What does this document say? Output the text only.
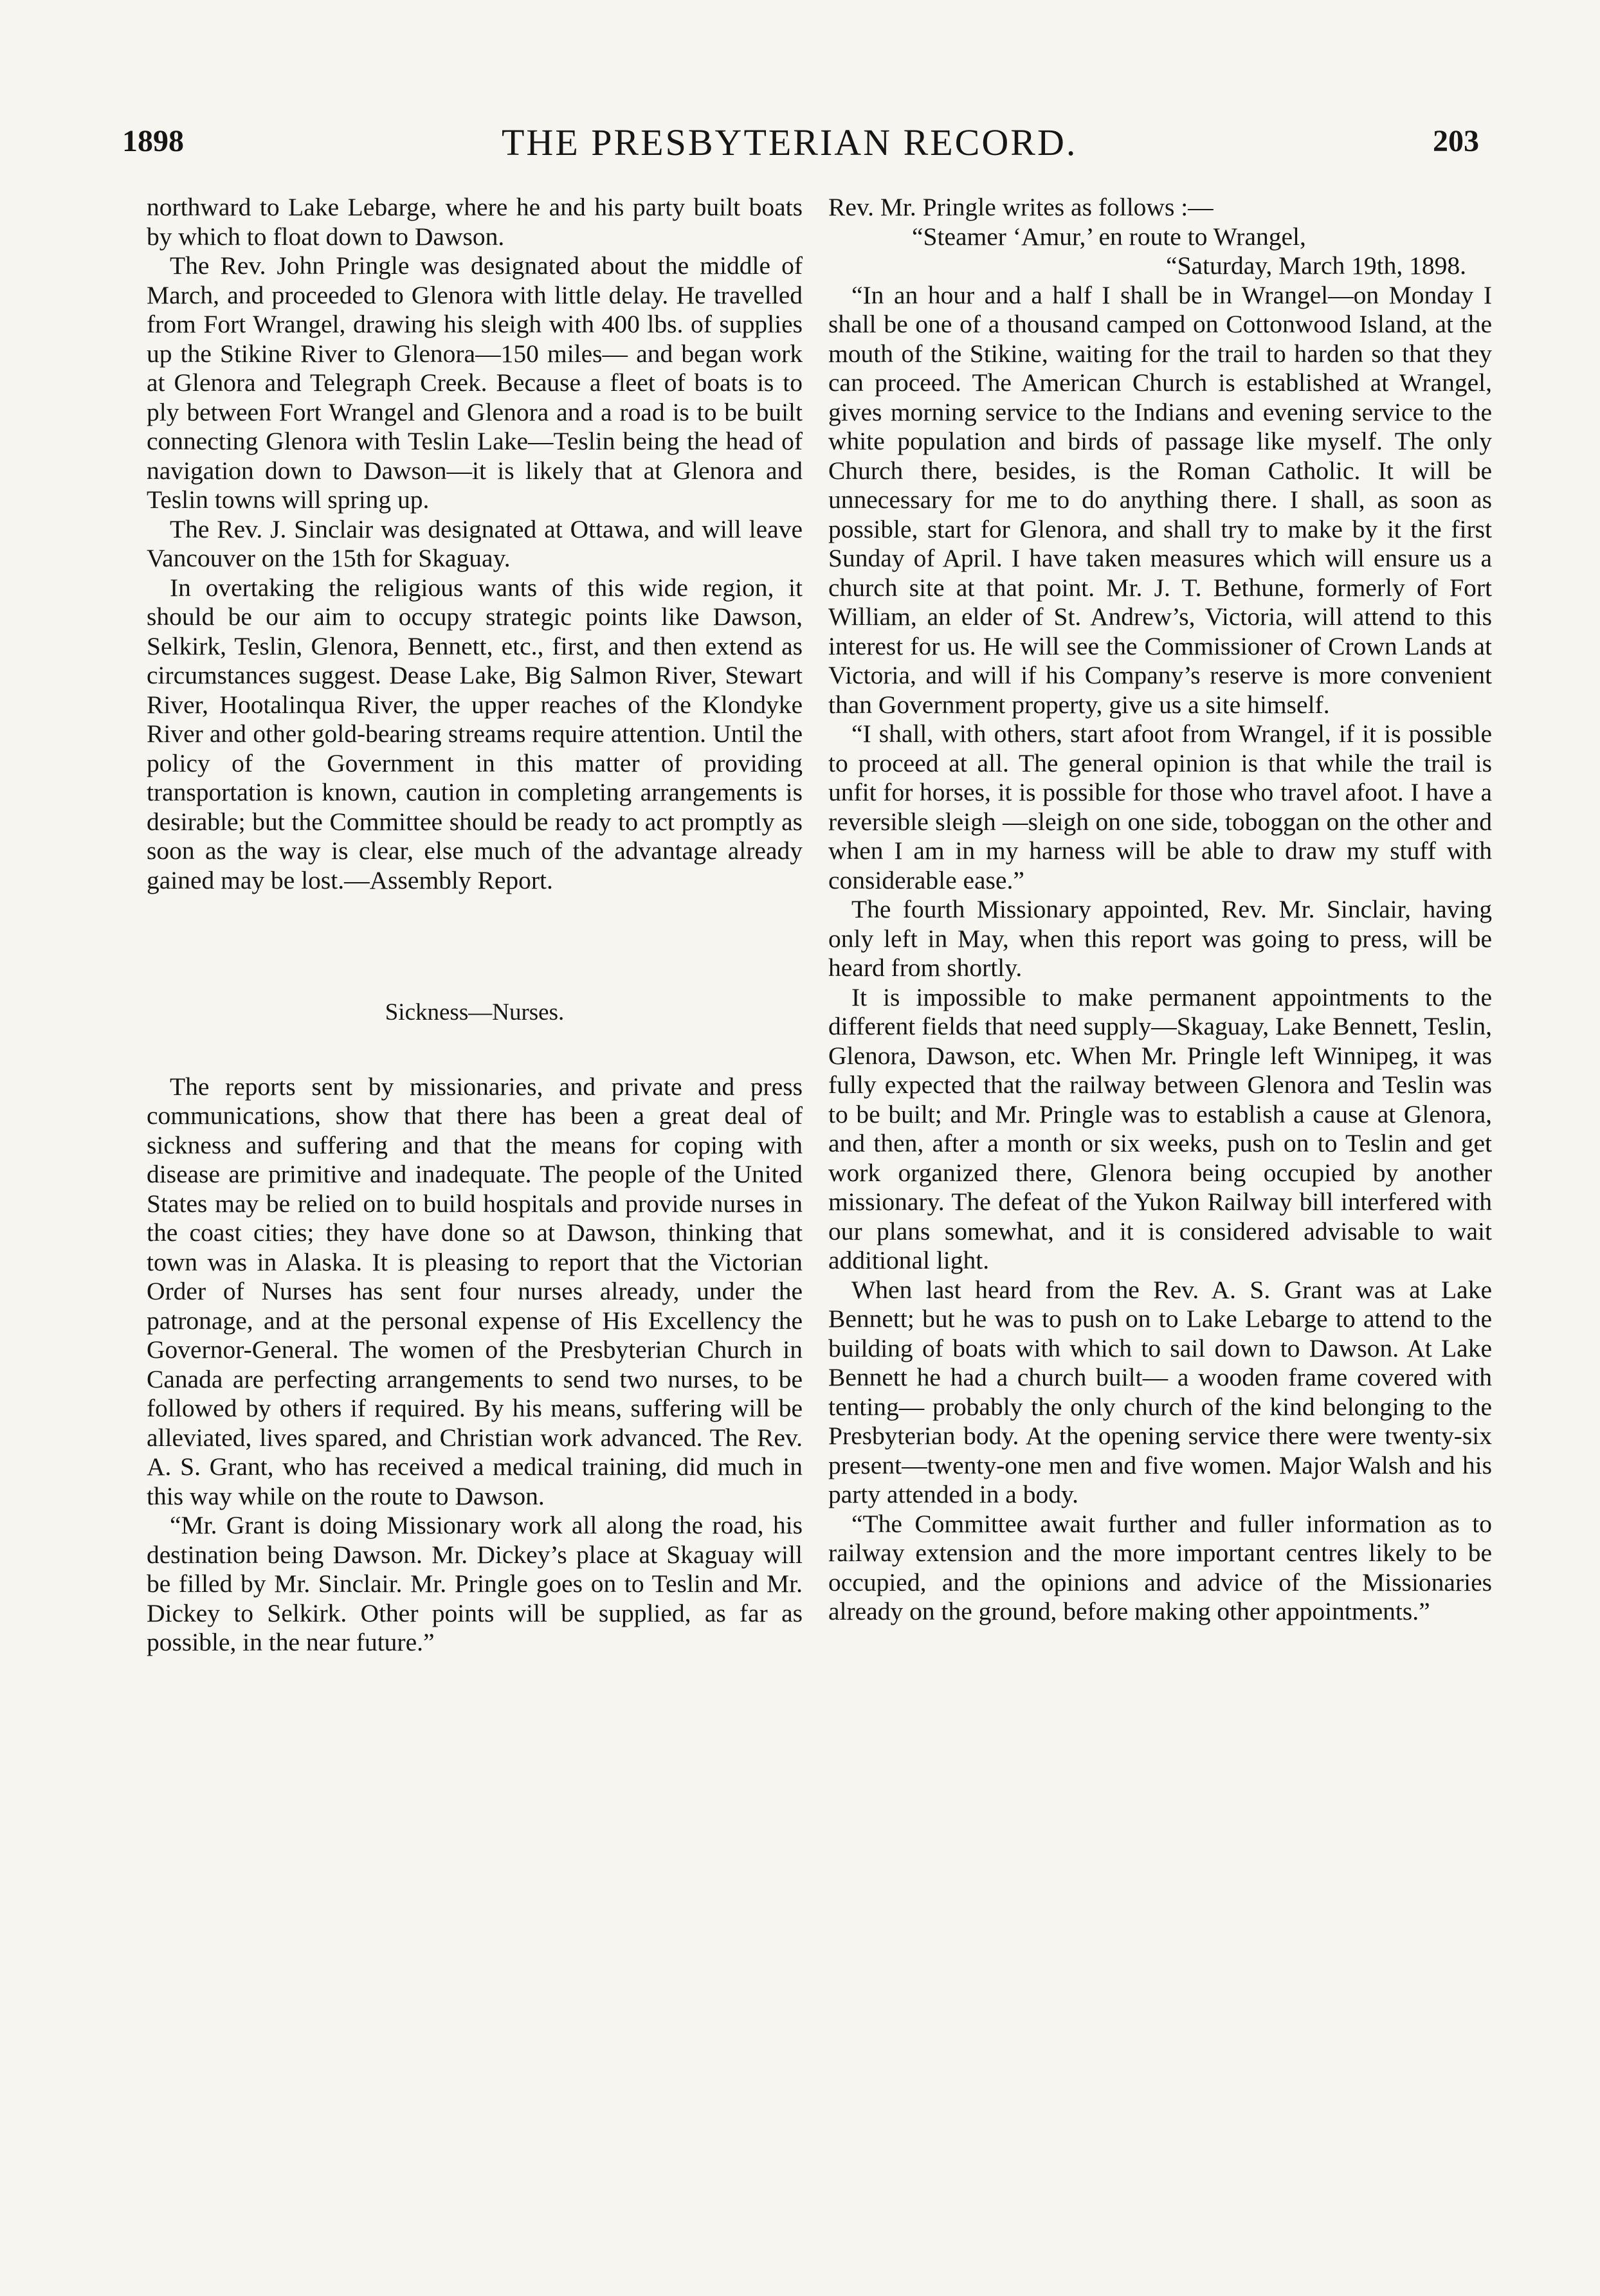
1898	THE PRESBYTERIAN RECORD.	203

northward to Lake Lebarge, where he and his party built boats by which to float down to Dawson.

The Rev. John Pringle was designated about the middle of March, and proceeded to Glenora with little delay. He travelled from Fort Wrangel, drawing his sleigh with 400 lbs. of supplies up the Stikine River to Glenora—150 miles— and began work at Glenora and Telegraph Creek. Because a fleet of boats is to ply between Fort Wrangel and Glenora and a road is to be built connecting Glenora with Teslin Lake—Teslin being the head of navigation down to Dawson—it is likely that at Glenora and Teslin towns will spring up.

The Rev. J. Sinclair was designated at Ottawa, and will leave Vancouver on the 15th for Skaguay.

In overtaking the religious wants of this wide region, it should be our aim to occupy strategic points like Dawson, Selkirk, Teslin, Glenora, Bennett, etc., first, and then extend as circumstances suggest. Dease Lake, Big Salmon River, Stewart River, Hootalinqua River, the upper reaches of the Klondyke River and other gold-bearing streams require attention. Until the policy of the Government in this matter of providing transportation is known, caution in completing arrangements is desirable; but the Committee should be ready to act promptly as soon as the way is clear, else much of the advantage already gained may be lost.—Assembly Report.

Sickness—Nurses.

The reports sent by missionaries, and private and press communications, show that there has been a great deal of sickness and suffering and that the means for coping with disease are primitive and inadequate. The people of the United States may be relied on to build hospitals and provide nurses in the coast cities; they have done so at Dawson, thinking that town was in Alaska. It is pleasing to report that the Victorian Order of Nurses has sent four nurses already, under the patronage, and at the personal expense of His Excellency the Governor-General. The women of the Presbyterian Church in Canada are perfecting arrangements to send two nurses, to be followed by others if required. By his means, suffering will be alleviated, lives spared, and Christian work advanced. The Rev. A. S. Grant, who has received a medical training, did much in this way while on the route to Dawson.

“Mr. Grant is doing Missionary work all along the road, his destination being Dawson. Mr. Dickey’s place at Skaguay will be filled by Mr. Sinclair. Mr. Pringle goes on to Teslin and Mr. Dickey to Selkirk. Other points will be supplied, as far as possible, in the near future.”

Rev. Mr. Pringle writes as follows :—

“Steamer ‘Amur,’ en route to Wrangel,

“Saturday, March 19th, 1898.

“In an hour and a half I shall be in Wrangel—on Monday I shall be one of a thousand camped on Cottonwood Island, at the mouth of the Stikine, waiting for the trail to harden so that they can proceed. The American Church is established at Wrangel, gives morning service to the Indians and evening service to the white population and birds of passage like myself. The only Church there, besides, is the Roman Catholic. It will be unnecessary for me to do anything there. I shall, as soon as possible, start for Glenora, and shall try to make by it the first Sunday of April. I have taken measures which will ensure us a church site at that point. Mr. J. T. Bethune, formerly of Fort William, an elder of St. Andrew’s, Victoria, will attend to this interest for us. He will see the Commissioner of Crown Lands at Victoria, and will if his Company’s reserve is more convenient than Government property, give us a site himself.

“I shall, with others, start afoot from Wrangel, if it is possible to proceed at all. The general opinion is that while the trail is unfit for horses, it is possible for those who travel afoot. I have a reversible sleigh —sleigh on one side, toboggan on the other and when I am in my harness will be able to draw my stuff with considerable ease.”

The fourth Missionary appointed, Rev. Mr. Sinclair, having only left in May, when this report was going to press, will be heard from shortly.

It is impossible to make permanent appointments to the different fields that need supply—Skaguay, Lake Bennett, Teslin, Glenora, Dawson, etc. When Mr. Pringle left Winnipeg, it was fully expected that the railway between Glenora and Teslin was to be built; and Mr. Pringle was to establish a cause at Glenora, and then, after a month or six weeks, push on to Teslin and get work organized there, Glenora being occupied by another missionary. The defeat of the Yukon Railway bill interfered with our plans somewhat, and it is considered advisable to wait additional light.

When last heard from the Rev. A. S. Grant was at Lake Bennett; but he was to push on to Lake Lebarge to attend to the building of boats with which to sail down to Dawson. At Lake Bennett he had a church built— a wooden frame covered with tenting— probably the only church of the kind belonging to the Presbyterian body. At the opening service there were twenty-six present—twenty-one men and five women. Major Walsh and his party attended in a body.

“The Committee await further and fuller information as to railway extension and the more important centres likely to be occupied, and the opinions and advice of the Missionaries already on the ground, before making other appointments.”
